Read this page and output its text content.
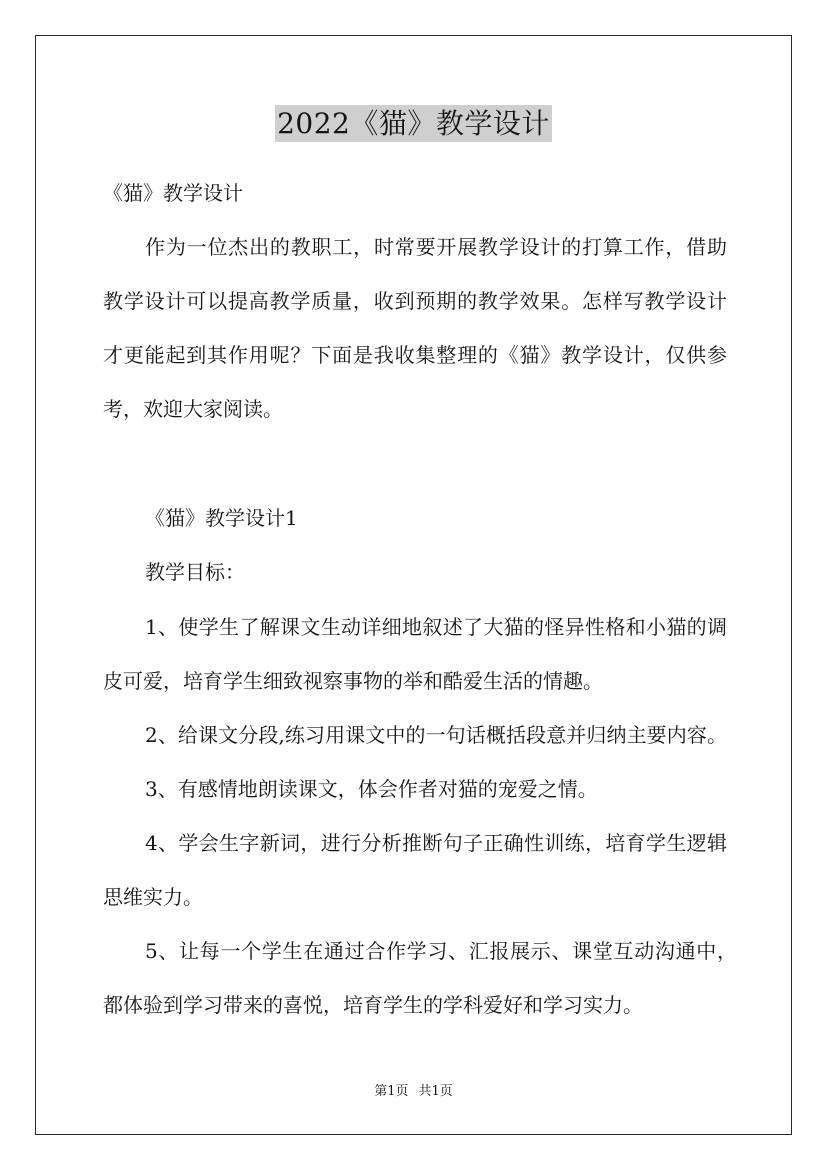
2022《猫》教学设计
《猫》教学设计
作为一位杰出的教职工，时常要开展教学设计的打算工作，借助
教学设计可以提高教学质量，收到预期的教学效果。怎样写教学设计
才更能起到其作用呢？下面是我收集整理的《猫》教学设计，仅供参
考，欢迎大家阅读。
《猫》教学设计1
教学目标：
1、使学生了解课文生动详细地叙述了大猫的怪异性格和小猫的调
皮可爱，培育学生细致视察事物的举和酷爱生活的情趣。
2、给课文分段,练习用课文中的一句话概括段意并归纳主要内容。
3、有感情地朗读课文，体会作者对猫的宠爱之情。
4、学会生字新词，进行分析推断句子正确性训练，培育学生逻辑
思维实力。
5、让每一个学生在通过合作学习、汇报展示、课堂互动沟通中，
都体验到学习带来的喜悦，培育学生的学科爱好和学习实力。
第1页 共1页
